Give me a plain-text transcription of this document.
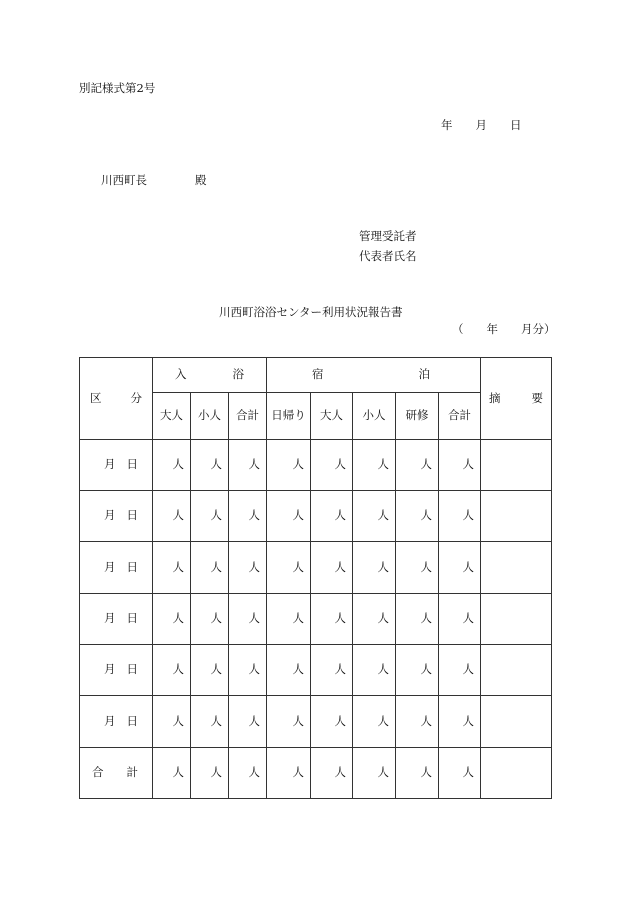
別記様式第2号
年　　月　　日
川西町長	殿
管理受託者
代表者氏名
川西町浴浴センター利用状況報告書
（　　年　　月分）
区 分	入 浴			宿 泊					摘 要

	大人	小人	合計	日帰り	大人	小人	研修	合計	

月 日	人	人	人	人	人	人	人	人	

月 日	人	人	人	人	人	人	人	人	

月 日	人	人	人	人	人	人	人	人	

月 日	人	人	人	人	人	人	人	人	

月 日	人	人	人	人	人	人	人	人	

月 日	人	人	人	人	人	人	人	人	

合 計	人	人	人	人	人	人	人	人	
